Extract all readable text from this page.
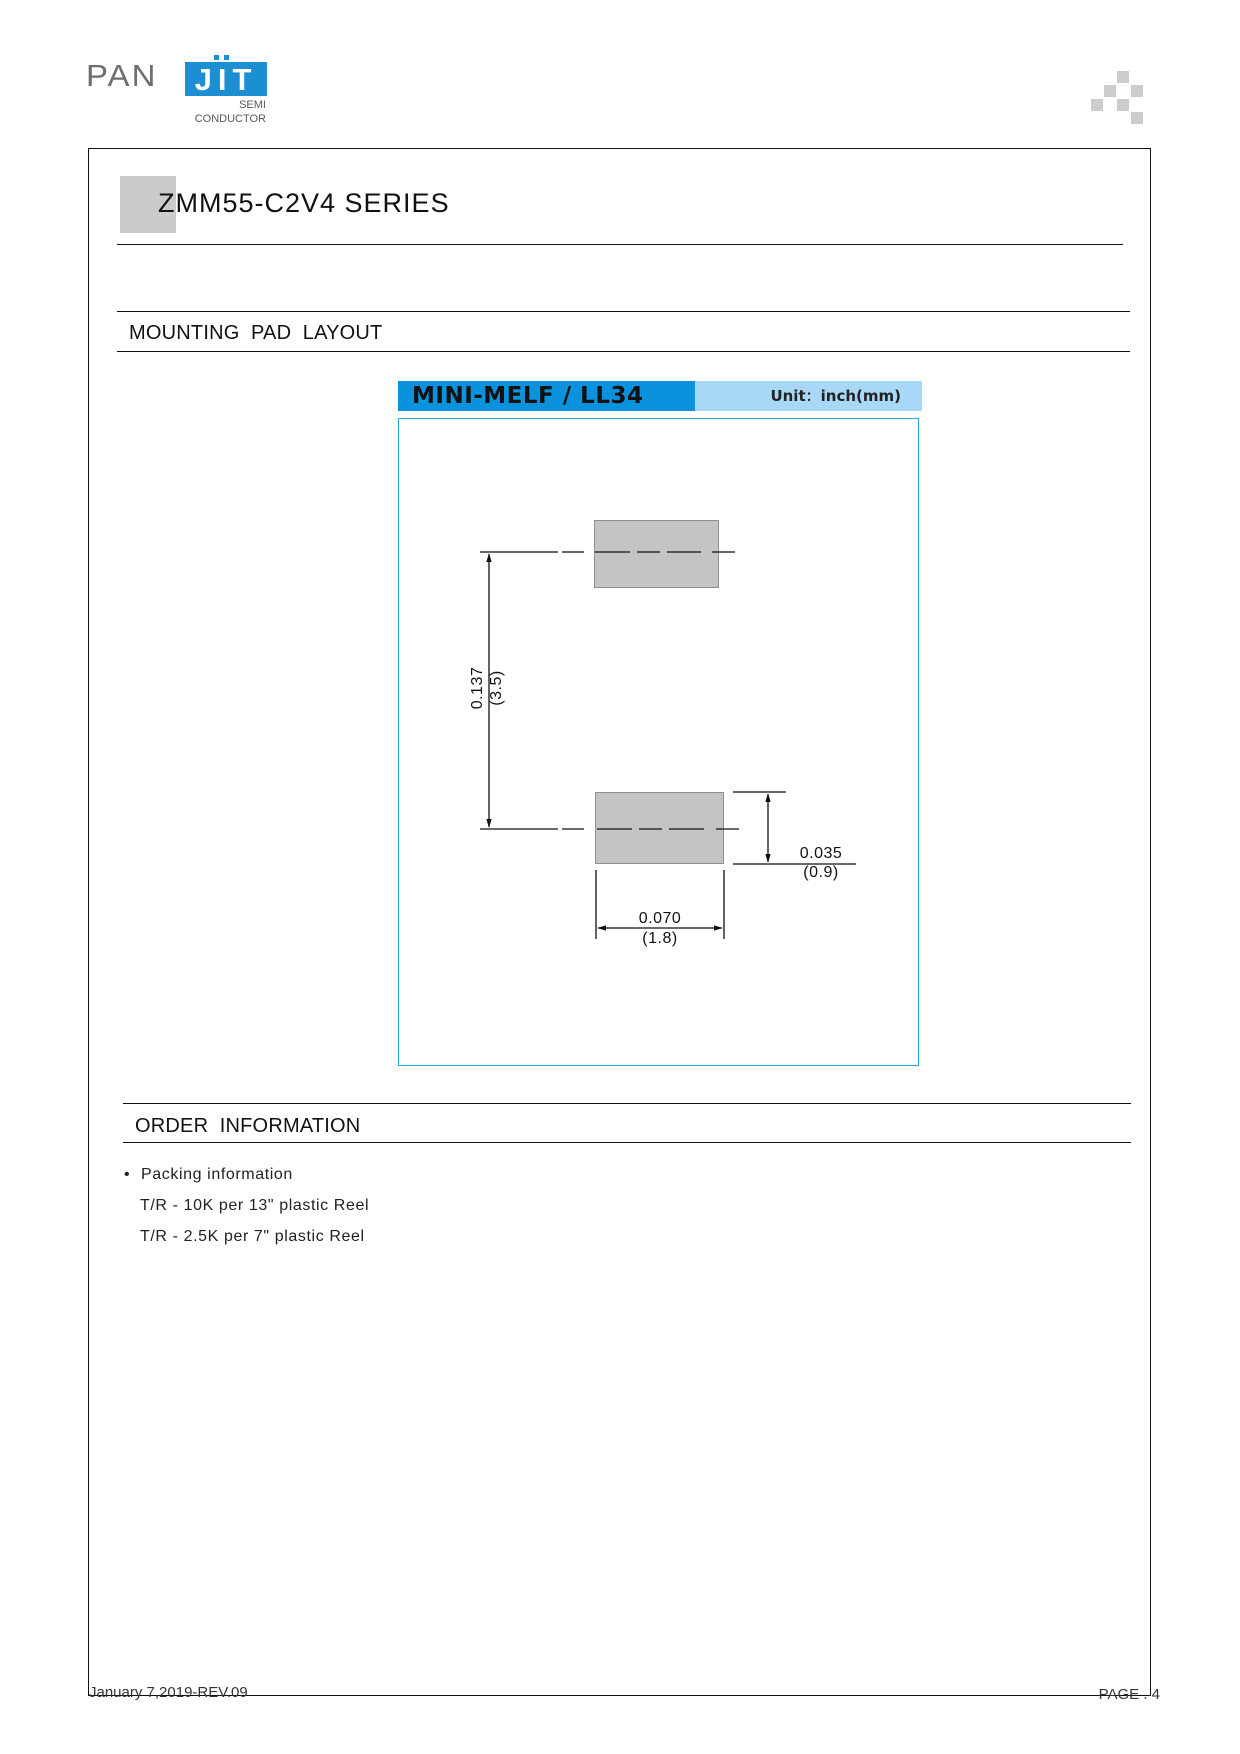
PAN	JIT
SEMI
CONDUCTOR
ZMM55-C2V4 SERIES
MOUNTING  PAD  LAYOUT
MINI-MELF / LL34	Unit：inch(mm)
0.137 (3.5)
0.035
(0.9)
0.070
(1.8)
ORDER  INFORMATION
• Packing information
T/R - 10K per 13" plastic Reel
T/R - 2.5K per 7" plastic Reel
January 7,2019-REV.09	PAGE . 4
